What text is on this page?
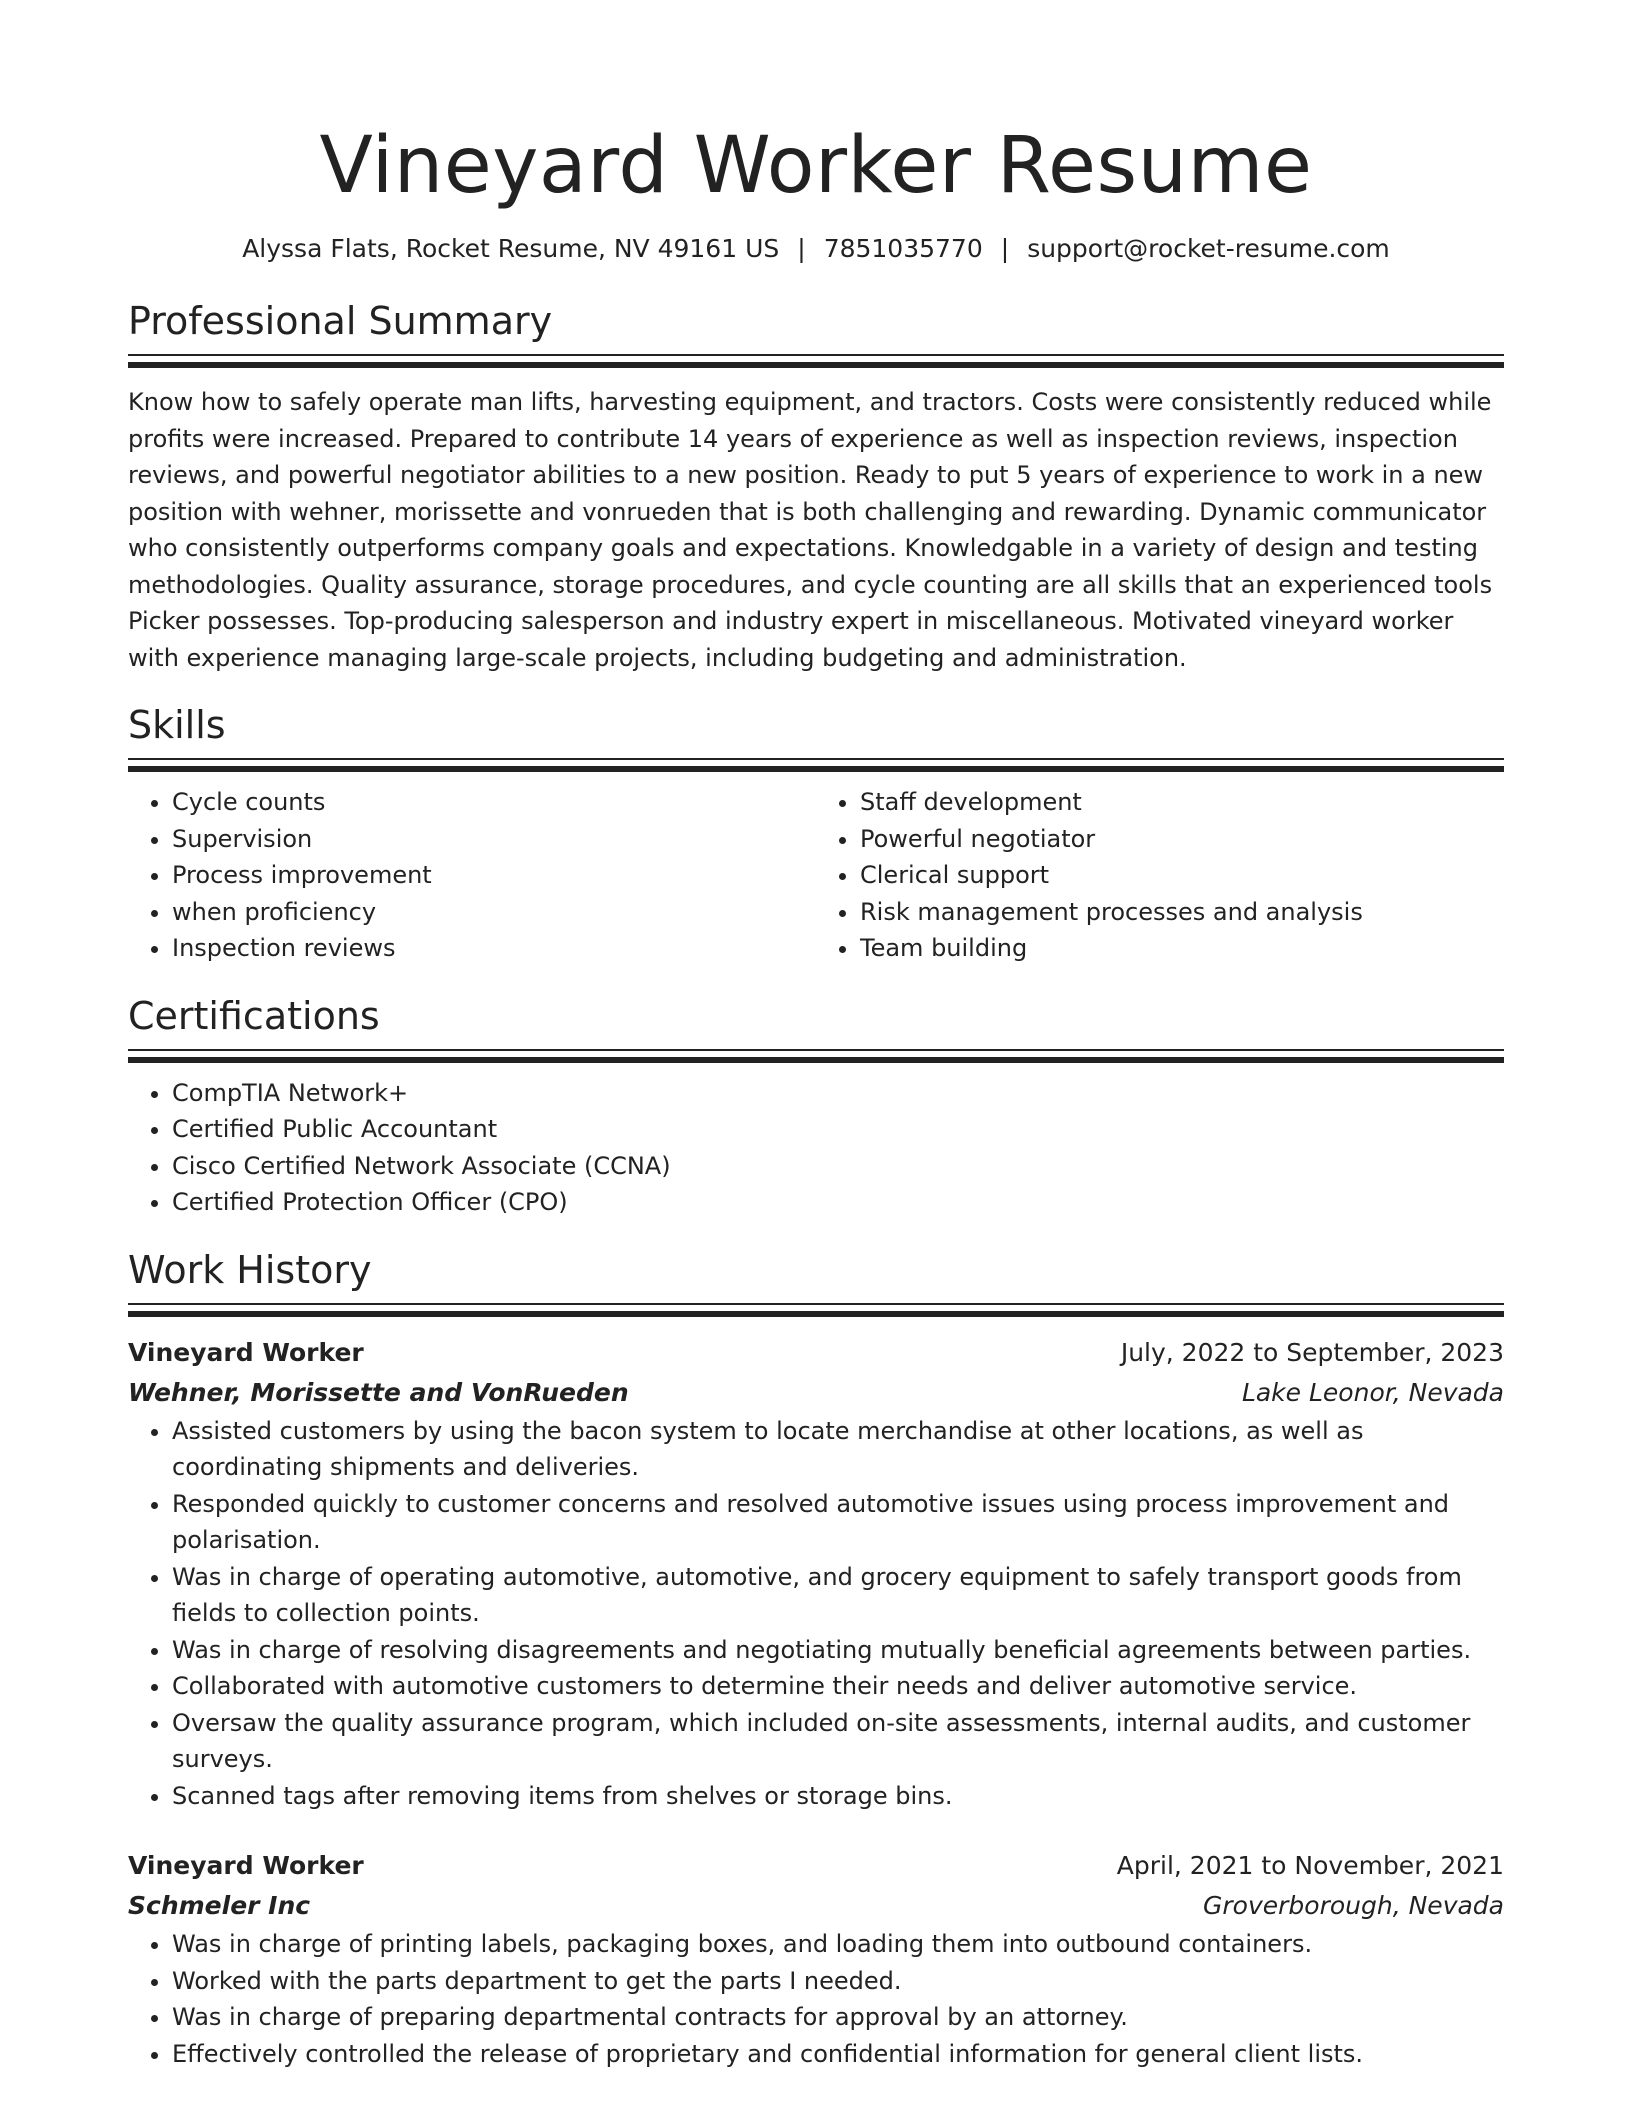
Vineyard Worker Resume
Alyssa Flats, Rocket Resume, NV 49161 US | 7851035770 | support@rocket-resume.com
Professional Summary

Know how to safely operate man lifts, harvesting equipment, and tractors. Costs were consistently reduced while profits were increased. Prepared to contribute 14 years of experience as well as inspection reviews, inspection reviews, and powerful negotiator abilities to a new position. Ready to put 5 years of experience to work in a new position with wehner, morissette and vonrueden that is both challenging and rewarding. Dynamic communicator who consistently outperforms company goals and expectations. Knowledgable in a variety of design and testing methodologies. Quality assurance, storage procedures, and cycle counting are all skills that an experienced tools Picker possesses. Top-producing salesperson and industry expert in miscellaneous. Motivated vineyard worker with experience managing large-scale projects, including budgeting and administration.

Skills
• Cycle counts
• Supervision
• Process improvement
• when proficiency
• Inspection reviews
• Staff development
• Powerful negotiator
• Clerical support
• Risk management processes and analysis
• Team building
Certifications
• CompTIA Network+
• Certified Public Accountant
• Cisco Certified Network Associate (CCNA)
• Certified Protection Officer (CPO)
Work History
Vineyard Worker	July, 2022 to September, 2023
Wehner, Morissette and VonRueden	Lake Leonor, Nevada
• Assisted customers by using the bacon system to locate merchandise at other locations, as well as coordinating shipments and deliveries.
• Responded quickly to customer concerns and resolved automotive issues using process improvement and polarisation.
• Was in charge of operating automotive, automotive, and grocery equipment to safely transport goods from fields to collection points.
• Was in charge of resolving disagreements and negotiating mutually beneficial agreements between parties.
• Collaborated with automotive customers to determine their needs and deliver automotive service.
• Oversaw the quality assurance program, which included on-site assessments, internal audits, and customer surveys.
• Scanned tags after removing items from shelves or storage bins.
Vineyard Worker	April, 2021 to November, 2021
Schmeler Inc	Groverborough, Nevada
• Was in charge of printing labels, packaging boxes, and loading them into outbound containers.
• Worked with the parts department to get the parts I needed.
• Was in charge of preparing departmental contracts for approval by an attorney.
• Effectively controlled the release of proprietary and confidential information for general client lists.
